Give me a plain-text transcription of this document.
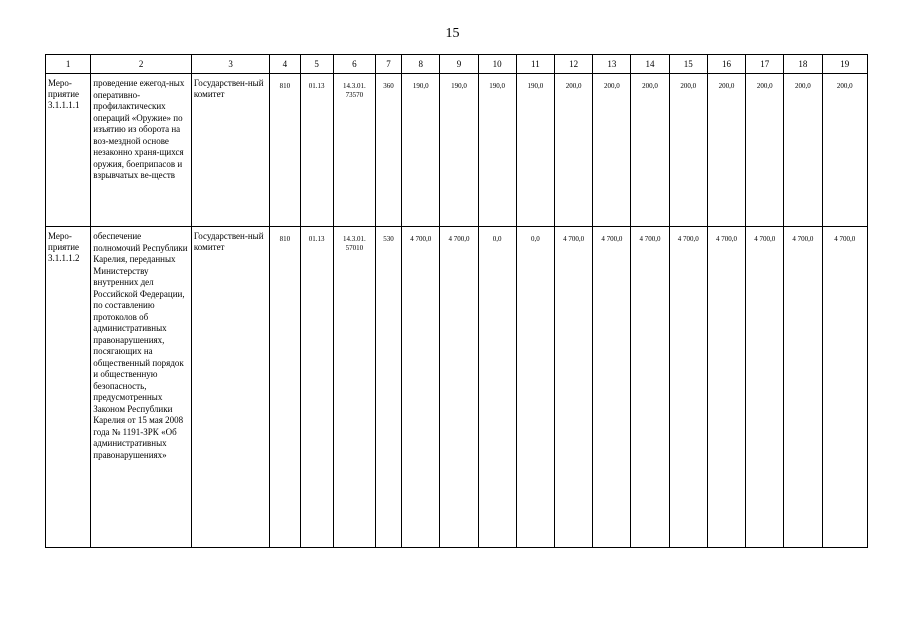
15
1	2	3	4	5	6	7	8	9	10	11	12	13	14	15	16	17	18	19
Меро-приятие 3.1.1.1.1	проведение ежегод-ных оперативно-профилактических операций «Оружие» по изъятию из оборота на воз-мездной основе незаконно храня-щихся оружия, боеприпасов и взрывчатых ве-ществ	Государствен-ный комитет	810	01.13	14.3.01. 73570	360	190,0	190,0	190,0	190,0	200,0	200,0	200,0	200,0	200,0	200,0	200,0	200,0
Меро-приятие 3.1.1.1.2	обеспечение полномочий Республики Карелия, переданных Министерству внутренних дел Российской Федерации, по составлению протоколов об административных правонарушениях, посягающих на общественный порядок и общественную безопасность, предусмотренных Законом Республики Карелия от 15 мая 2008 года № 1191-ЗРК «Об административных правонарушениях»	Государствен-ный комитет	810	01.13	14.3.01. 57010	530	4 700,0	4 700,0	0,0	0,0	4 700,0	4 700,0	4 700,0	4 700,0	4 700,0	4 700,0	4 700,0	4 700,0
